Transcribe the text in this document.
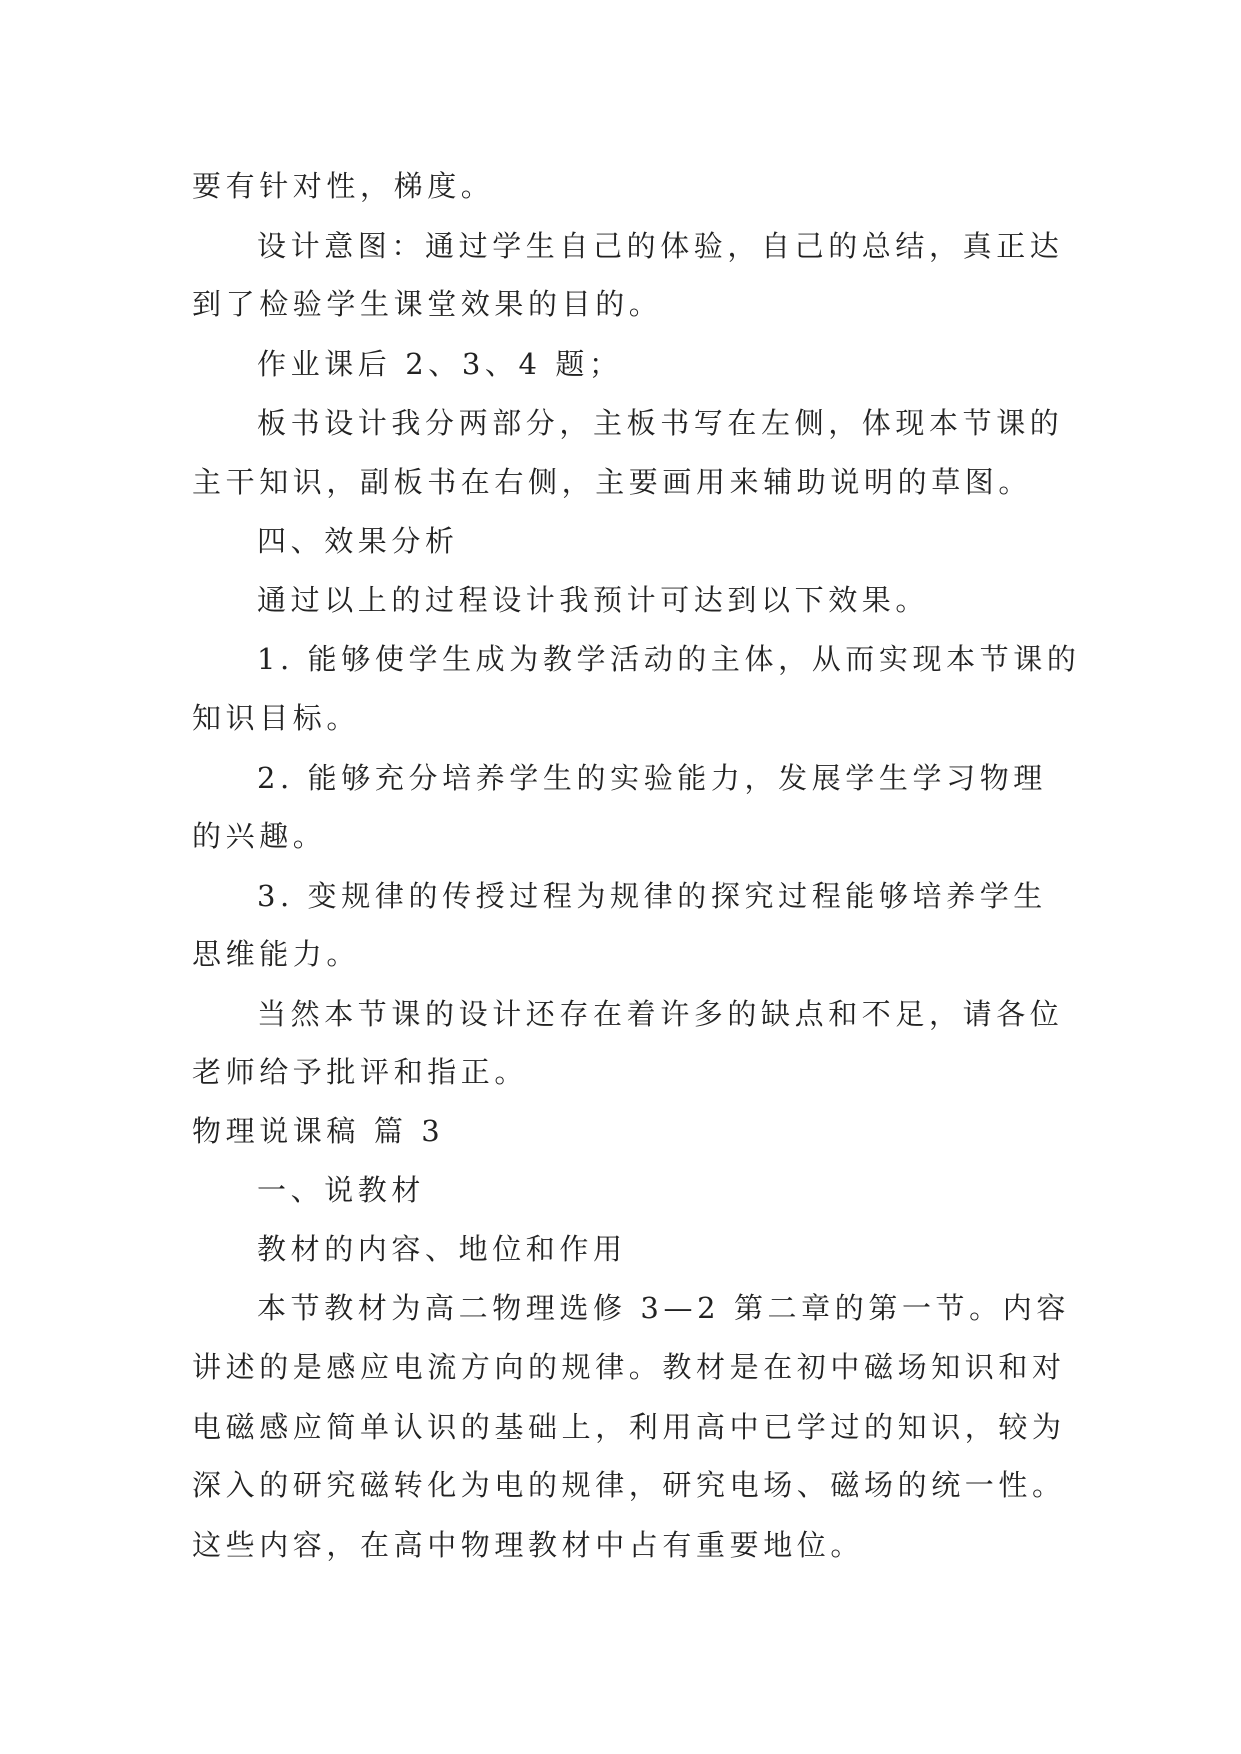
要有针对性，梯度。

设计意图：通过学生自己的体验，自己的总结，真正达

到了检验学生课堂效果的目的。

作业课后 2、3、4 题；

板书设计我分两部分，主板书写在左侧，体现本节课的

主干知识，副板书在右侧，主要画用来辅助说明的草图。

四、效果分析

通过以上的过程设计我预计可达到以下效果。

1. 能够使学生成为教学活动的主体，从而实现本节课的

知识目标。

2. 能够充分培养学生的实验能力，发展学生学习物理

的兴趣。

3. 变规律的传授过程为规律的探究过程能够培养学生

思维能力。

当然本节课的设计还存在着许多的缺点和不足，请各位

老师给予批评和指正。

物理说课稿 篇 3

一、说教材

教材的内容、地位和作用

本节教材为高二物理选修 3—2 第二章的第一节。内容

讲述的是感应电流方向的规律。教材是在初中磁场知识和对

电磁感应简单认识的基础上，利用高中已学过的知识，较为

深入的研究磁转化为电的规律，研究电场、磁场的统一性。

这些内容，在高中物理教材中占有重要地位。
